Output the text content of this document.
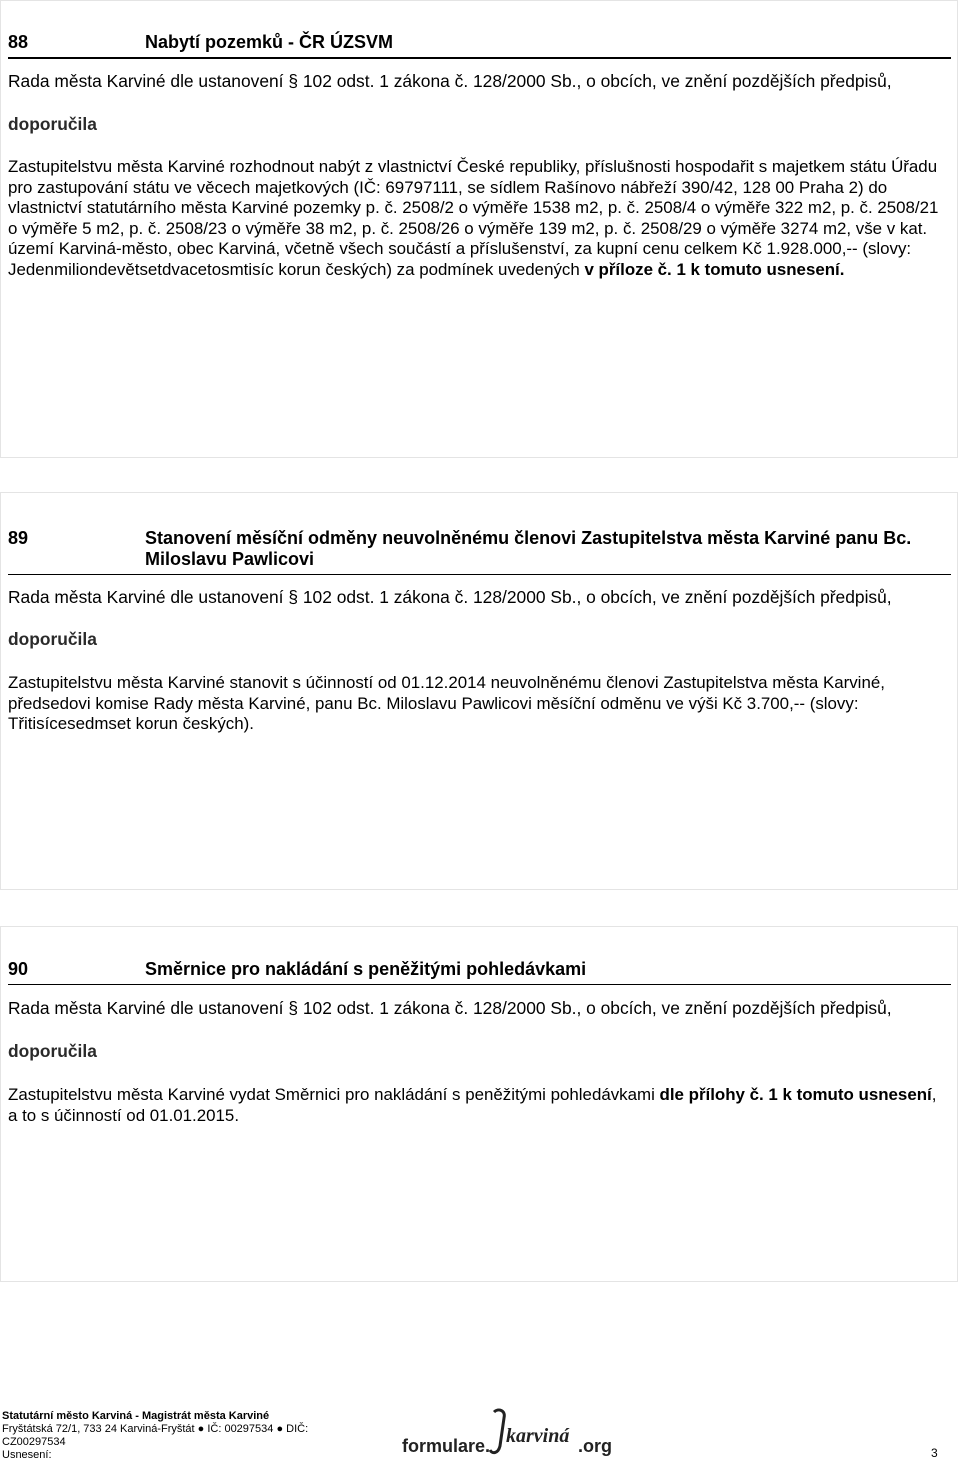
88	Nabytí pozemků - ČR ÚZSVM
Rada města Karviné dle ustanovení § 102 odst. 1 zákona č. 128/2000 Sb., o obcích, ve znění pozdějších předpisů,
doporučila
Zastupitelstvu města Karviné rozhodnout nabýt z vlastnictví České republiky, příslušnosti hospodařit s majetkem státu Úřadu pro zastupování státu ve věcech majetkových (IČ: 69797111, se sídlem Rašínovo nábřeží 390/42, 128 00 Praha 2) do vlastnictví statutárního města Karviné pozemky p. č. 2508/2 o výměře 1538 m2, p. č. 2508/4 o výměře 322 m2, p. č. 2508/21 o výměře 5 m2, p. č. 2508/23 o výměře 38 m2, p. č. 2508/26 o výměře 139 m2, p. č. 2508/29 o výměře 3274 m2, vše v kat. území Karviná-město, obec Karviná, včetně všech součástí a příslušenství, za kupní cenu celkem Kč 1.928.000,-- (slovy: Jedenmiliondevětsetdvacetosmtisíc korun českých) za podmínek uvedených v příloze č. 1 k tomuto usnesení.
89	Stanovení měsíční odměny neuvolněnému členovi Zastupitelstva města Karviné panu Bc. Miloslavu Pawlicovi
Rada města Karviné dle ustanovení § 102 odst. 1 zákona č. 128/2000 Sb., o obcích, ve znění pozdějších předpisů,
doporučila
Zastupitelstvu města Karviné stanovit s účinností od 01.12.2014 neuvolněnému členovi Zastupitelstva města Karviné, předsedovi komise Rady města Karviné, panu Bc. Miloslavu Pawlicovi měsíční odměnu ve výši Kč 3.700,-- (slovy: Třitisícesedmset korun českých).
90	Směrnice pro nakládání s peněžitými pohledávkami
Rada města Karviné dle ustanovení § 102 odst. 1 zákona č. 128/2000 Sb., o obcích, ve znění pozdějších předpisů,
doporučila
Zastupitelstvu města Karviné vydat Směrnici pro nakládání s peněžitými pohledávkami dle přílohy č. 1 k tomuto usnesení, a to s účinností od 01.01.2015.
Statutární město Karviná - Magistrát města Karviné
Fryštátská 72/1, 733 24 Karviná-Fryštát ● IČ: 00297534 ● DIČ:
CZ00297534
Usnesení:	formulare. karviná .org	3
